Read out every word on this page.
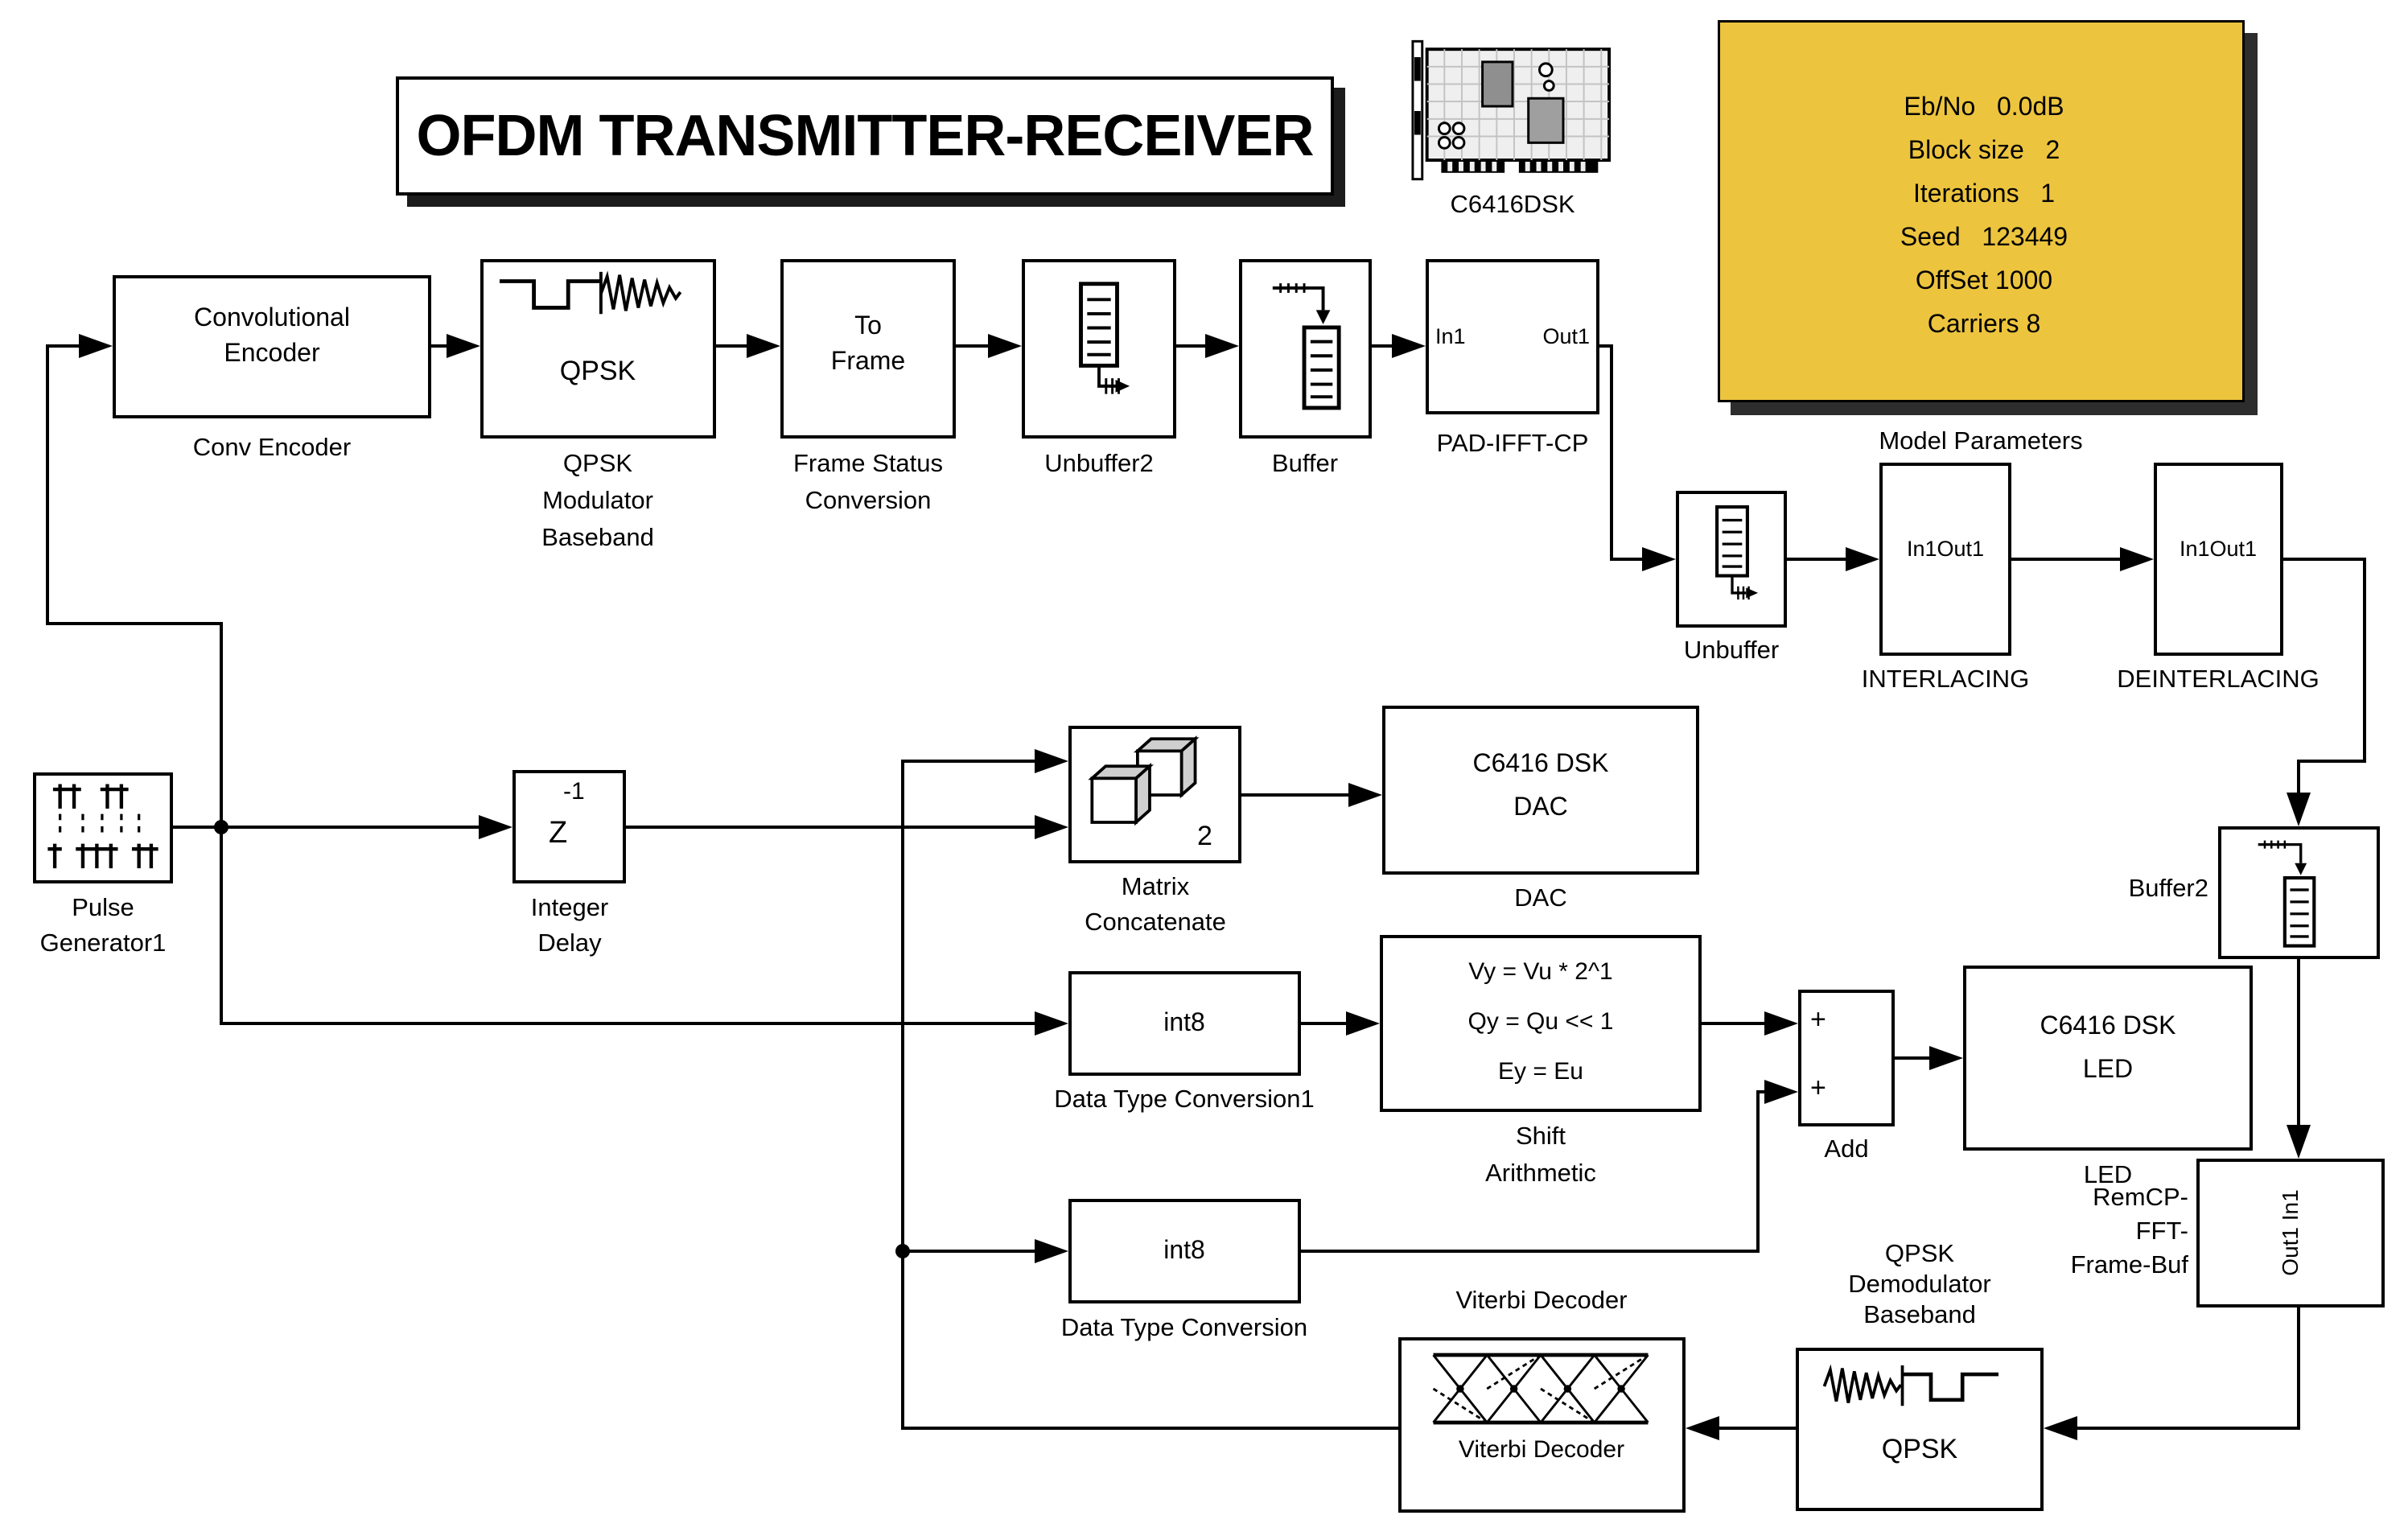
OFDM TRANSMITTER-RECEIVER
C6416DSK
Eb/No   0.0dB
Block size   2
Iterations   1
Seed   123449
OffSet 1000
Carriers 8
Model Parameters
Convolutional
Encoder
Conv Encoder
QPSK
QPSK
Modulator
Baseband
To
Frame
Frame Status
Conversion
Unbuffer2	Buffer
In1	Out1
PAD-IFFT-CP
Unbuffer
In1Out1
INTERLACING
In1Out1
DEINTERLACING
Buffer2
Pulse
Generator1
-1
Z
Integer
Delay
2
Matrix
Concatenate
C6416 DSK
DAC
DAC
int8
Data Type Conversion1
Vy = Vu * 2^1
Qy = Qu << 1
Ey = Eu
Shift
Arithmetic
+
+
Add
C6416 DSK
LED
LED
int8
Data Type Conversion
Out1 In1
RemCP-
FFT-
Frame-Buf
QPSK
QPSK
Demodulator
Baseband
Viterbi Decoder
Viterbi Decoder
